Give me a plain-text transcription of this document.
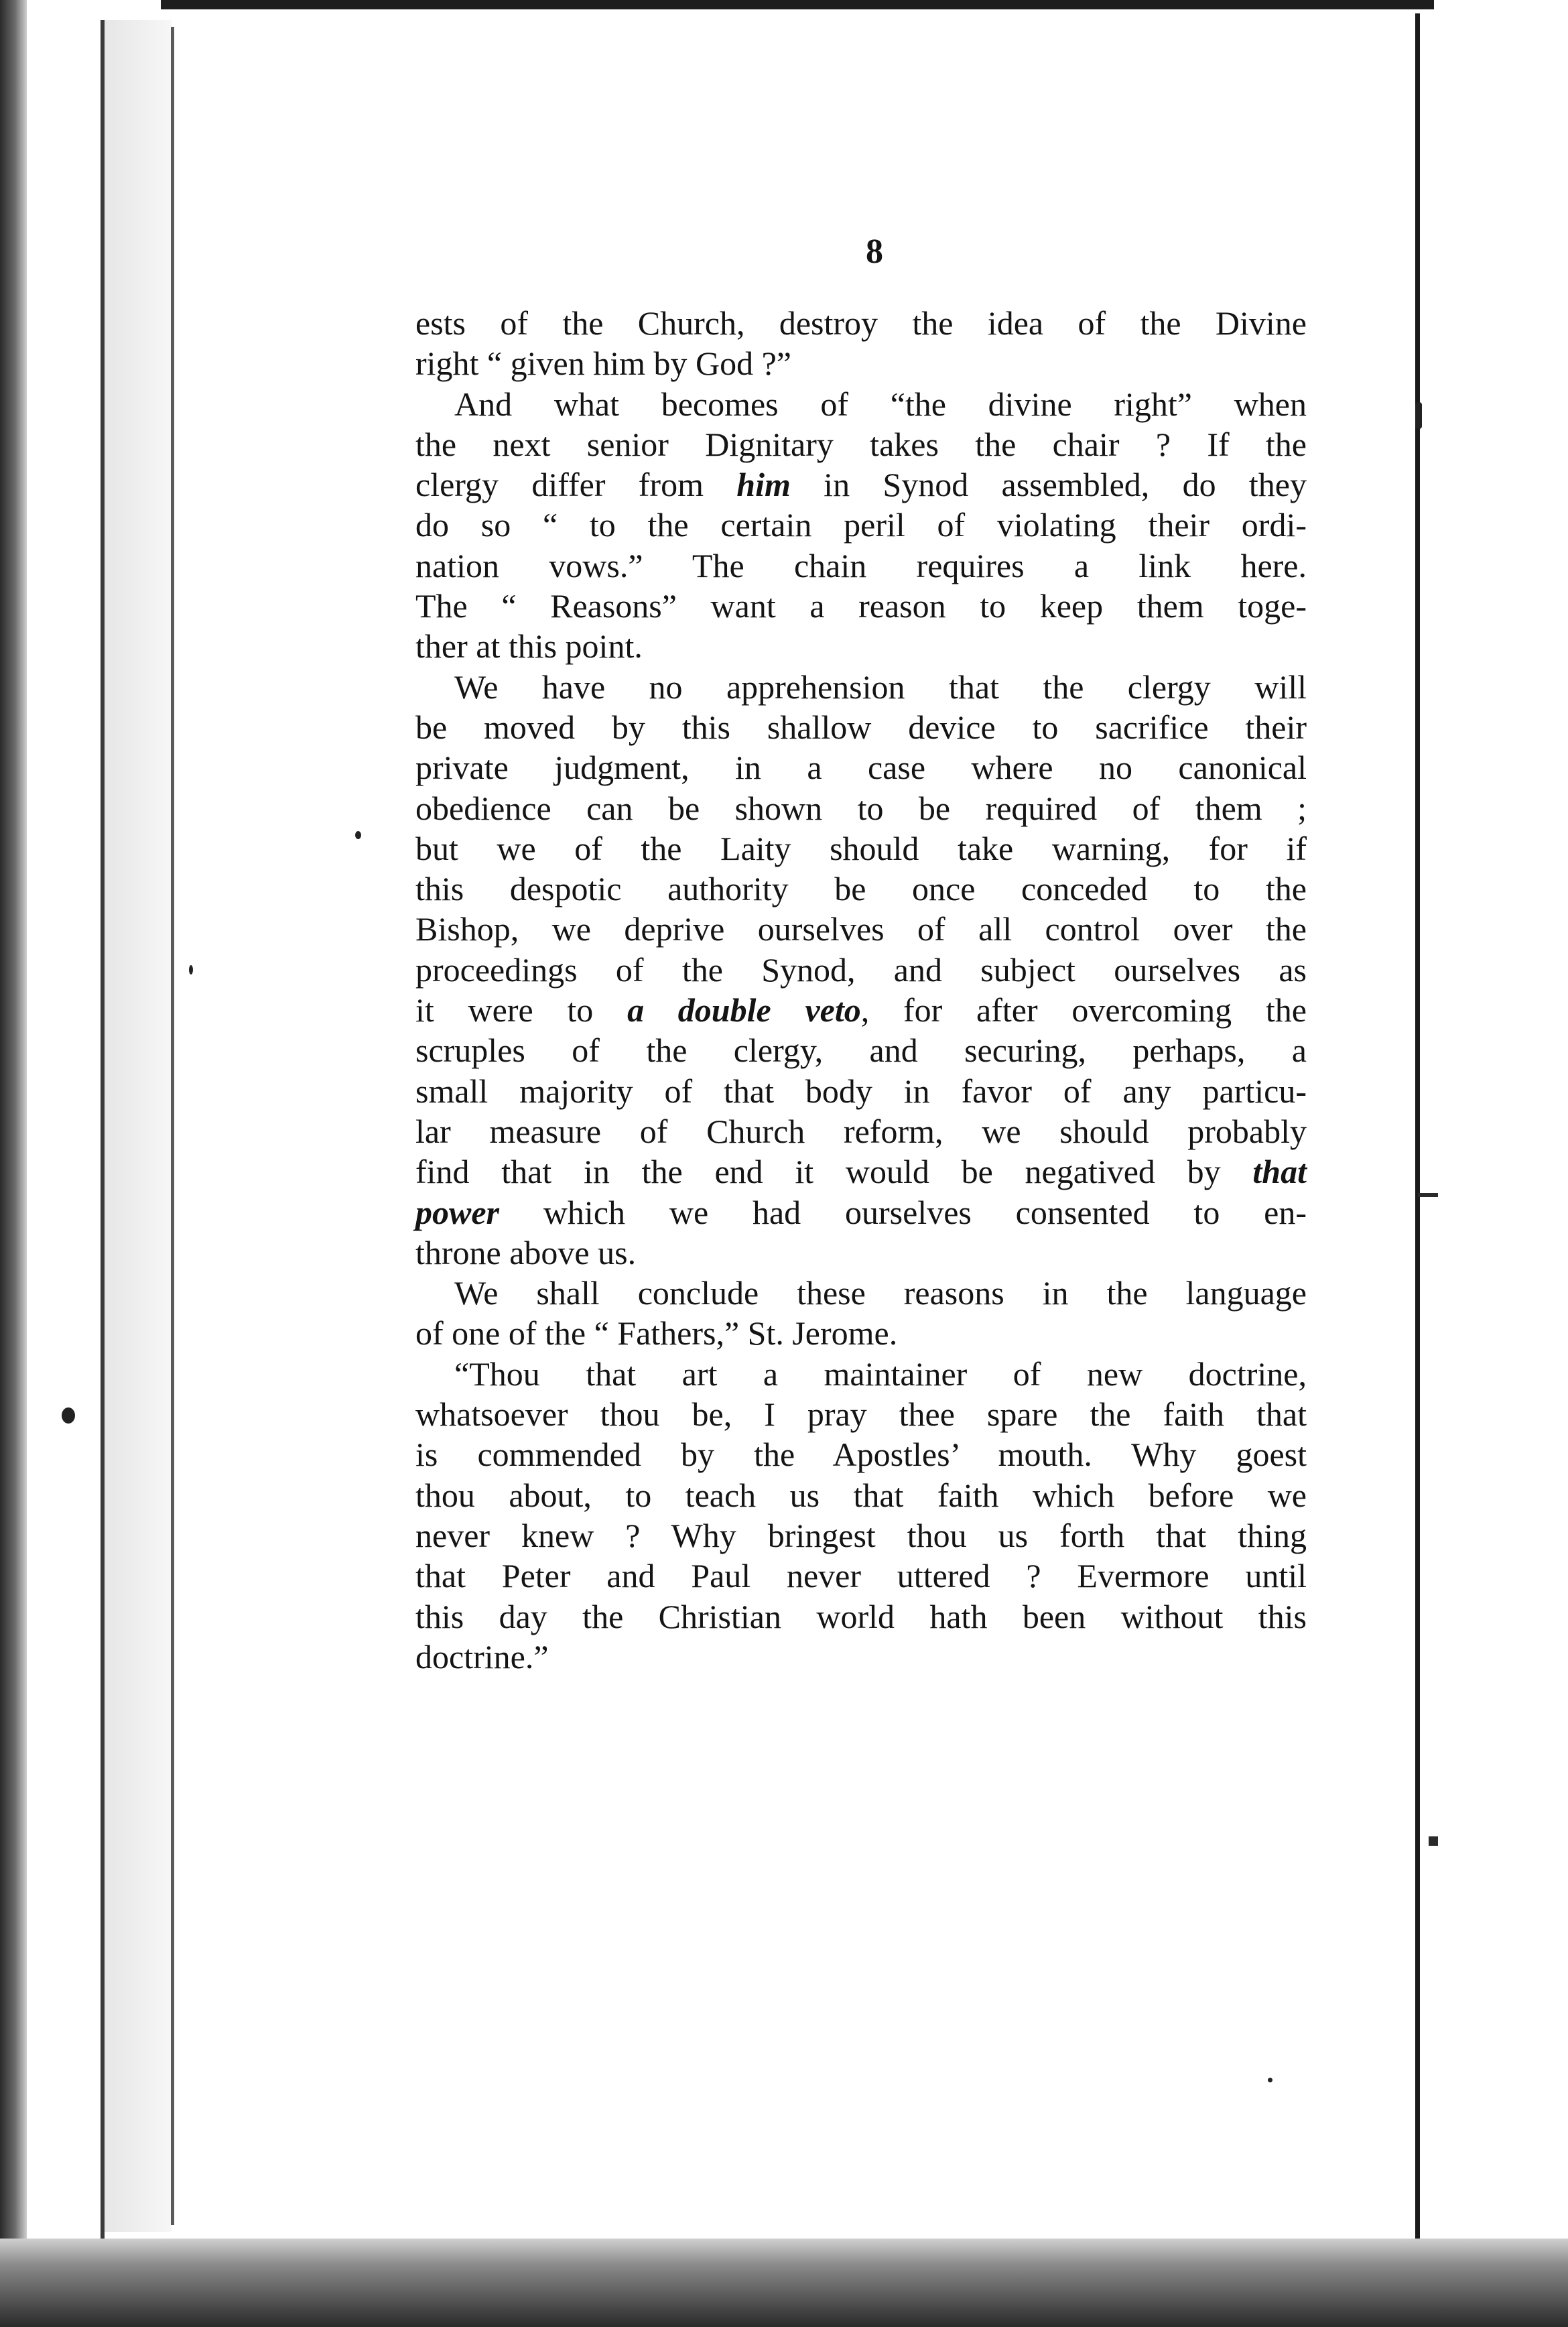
8
ests of the Church, destroy the idea of the Divine
right “ given him by God ?”
And what becomes of “the divine right” when
the next senior Dignitary takes the chair ? If the
clergy differ from him in Synod assembled, do they
do so “ to the certain peril of violating their ordi-
nation vows.” The chain requires a link here.
The “ Reasons” want a reason to keep them toge-
ther at this point.
We have no apprehension that the clergy will
be moved by this shallow device to sacrifice their
private judgment, in a case where no canonical
obedience can be shown to be required of them ;
but we of the Laity should take warning, for if
this despotic authority be once conceded to the
Bishop, we deprive ourselves of all control over the
proceedings of the Synod, and subject ourselves as
it were to a double veto, for after overcoming the
scruples of the clergy, and securing, perhaps, a
small majority of that body in favor of any particu-
lar measure of Church reform, we should probably
find that in the end it would be negatived by that
power which we had ourselves consented to en-
throne above us.
We shall conclude these reasons in the language
of one of the “ Fathers,” St. Jerome.
“Thou that art a maintainer of new doctrine,
whatsoever thou be, I pray thee spare the faith that
is commended by the Apostles’ mouth. Why goest
thou about, to teach us that faith which before we
never knew ? Why bringest thou us forth that thing
that Peter and Paul never uttered ? Evermore until
this day the Christian world hath been without this
doctrine.”
